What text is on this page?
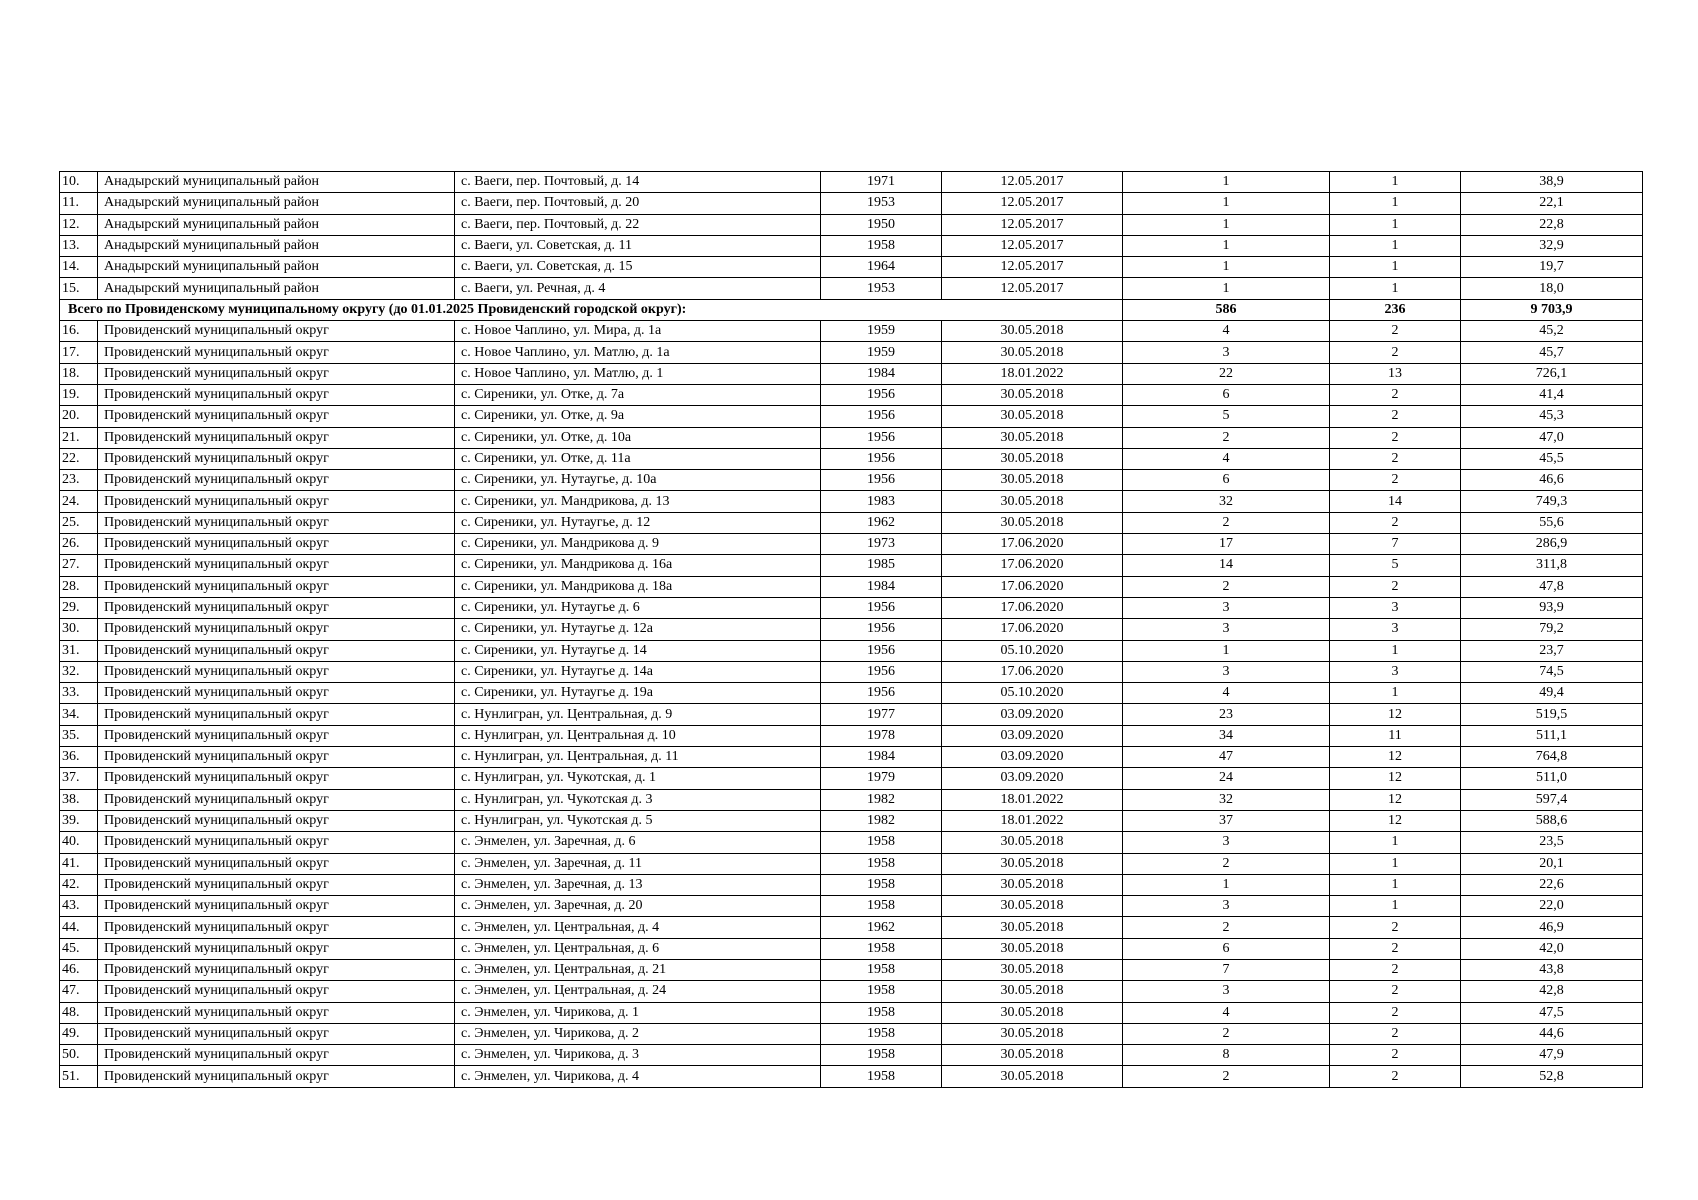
10.	Анадырский муниципальный район	с. Ваеги, пер. Почтовый, д. 14	1971	12.05.2017	1	1	38,9
11.	Анадырский муниципальный район	с. Ваеги, пер. Почтовый, д. 20	1953	12.05.2017	1	1	22,1
12.	Анадырский муниципальный район	с. Ваеги, пер. Почтовый, д. 22	1950	12.05.2017	1	1	22,8
13.	Анадырский муниципальный район	с. Ваеги, ул. Советская, д. 11	1958	12.05.2017	1	1	32,9
14.	Анадырский муниципальный район	с. Ваеги, ул. Советская, д. 15	1964	12.05.2017	1	1	19,7
15.	Анадырский муниципальный район	с. Ваеги, ул. Речная, д. 4	1953	12.05.2017	1	1	18,0
Всего по Провиденскому муниципальному округу (до 01.01.2025 Провиденский городской округ):					586	236	9 703,9
16.	Провиденский муниципальный округ	с. Новое Чаплино, ул. Мира, д. 1а	1959	30.05.2018	4	2	45,2
17.	Провиденский муниципальный округ	с. Новое Чаплино, ул. Матлю, д. 1а	1959	30.05.2018	3	2	45,7
18.	Провиденский муниципальный округ	с. Новое Чаплино, ул. Матлю, д. 1	1984	18.01.2022	22	13	726,1
19.	Провиденский муниципальный округ	с. Сиреники, ул. Отке, д. 7а	1956	30.05.2018	6	2	41,4
20.	Провиденский муниципальный округ	с. Сиреники, ул. Отке, д. 9а	1956	30.05.2018	5	2	45,3
21.	Провиденский муниципальный округ	с. Сиреники, ул. Отке, д. 10а	1956	30.05.2018	2	2	47,0
22.	Провиденский муниципальный округ	с. Сиреники, ул. Отке, д. 11а	1956	30.05.2018	4	2	45,5
23.	Провиденский муниципальный округ	с. Сиреники, ул. Нутаугье, д. 10а	1956	30.05.2018	6	2	46,6
24.	Провиденский муниципальный округ	с. Сиреники, ул. Мандрикова, д. 13	1983	30.05.2018	32	14	749,3
25.	Провиденский муниципальный округ	с. Сиреники, ул. Нутаугье, д. 12	1962	30.05.2018	2	2	55,6
26.	Провиденский муниципальный округ	с. Сиреники, ул. Мандрикова д. 9	1973	17.06.2020	17	7	286,9
27.	Провиденский муниципальный округ	с. Сиреники, ул. Мандрикова д. 16а	1985	17.06.2020	14	5	311,8
28.	Провиденский муниципальный округ	с. Сиреники, ул. Мандрикова д. 18а	1984	17.06.2020	2	2	47,8
29.	Провиденский муниципальный округ	с. Сиреники, ул. Нутаугье д. 6	1956	17.06.2020	3	3	93,9
30.	Провиденский муниципальный округ	с. Сиреники, ул. Нутаугье д. 12а	1956	17.06.2020	3	3	79,2
31.	Провиденский муниципальный округ	с. Сиреники, ул. Нутаугье д. 14	1956	05.10.2020	1	1	23,7
32.	Провиденский муниципальный округ	с. Сиреники, ул. Нутаугье д. 14а	1956	17.06.2020	3	3	74,5
33.	Провиденский муниципальный округ	с. Сиреники, ул. Нутаугье д. 19а	1956	05.10.2020	4	1	49,4
34.	Провиденский муниципальный округ	с. Нунлигран, ул. Центральная, д. 9	1977	03.09.2020	23	12	519,5
35.	Провиденский муниципальный округ	с. Нунлигран, ул. Центральная д. 10	1978	03.09.2020	34	11	511,1
36.	Провиденский муниципальный округ	с. Нунлигран, ул. Центральная, д. 11	1984	03.09.2020	47	12	764,8
37.	Провиденский муниципальный округ	с. Нунлигран, ул. Чукотская, д. 1	1979	03.09.2020	24	12	511,0
38.	Провиденский муниципальный округ	с. Нунлигран, ул. Чукотская д. 3	1982	18.01.2022	32	12	597,4
39.	Провиденский муниципальный округ	с. Нунлигран, ул. Чукотская д. 5	1982	18.01.2022	37	12	588,6
40.	Провиденский муниципальный округ	с. Энмелен, ул. Заречная, д. 6	1958	30.05.2018	3	1	23,5
41.	Провиденский муниципальный округ	с. Энмелен, ул. Заречная, д. 11	1958	30.05.2018	2	1	20,1
42.	Провиденский муниципальный округ	с. Энмелен, ул. Заречная, д. 13	1958	30.05.2018	1	1	22,6
43.	Провиденский муниципальный округ	с. Энмелен, ул. Заречная, д. 20	1958	30.05.2018	3	1	22,0
44.	Провиденский муниципальный округ	с. Энмелен, ул. Центральная, д. 4	1962	30.05.2018	2	2	46,9
45.	Провиденский муниципальный округ	с. Энмелен, ул. Центральная, д. 6	1958	30.05.2018	6	2	42,0
46.	Провиденский муниципальный округ	с. Энмелен, ул. Центральная, д. 21	1958	30.05.2018	7	2	43,8
47.	Провиденский муниципальный округ	с. Энмелен, ул. Центральная, д. 24	1958	30.05.2018	3	2	42,8
48.	Провиденский муниципальный округ	с. Энмелен, ул. Чирикова, д. 1	1958	30.05.2018	4	2	47,5
49.	Провиденский муниципальный округ	с. Энмелен, ул. Чирикова, д. 2	1958	30.05.2018	2	2	44,6
50.	Провиденский муниципальный округ	с. Энмелен, ул. Чирикова, д. 3	1958	30.05.2018	8	2	47,9
51.	Провиденский муниципальный округ	с. Энмелен, ул. Чирикова, д. 4	1958	30.05.2018	2	2	52,8
